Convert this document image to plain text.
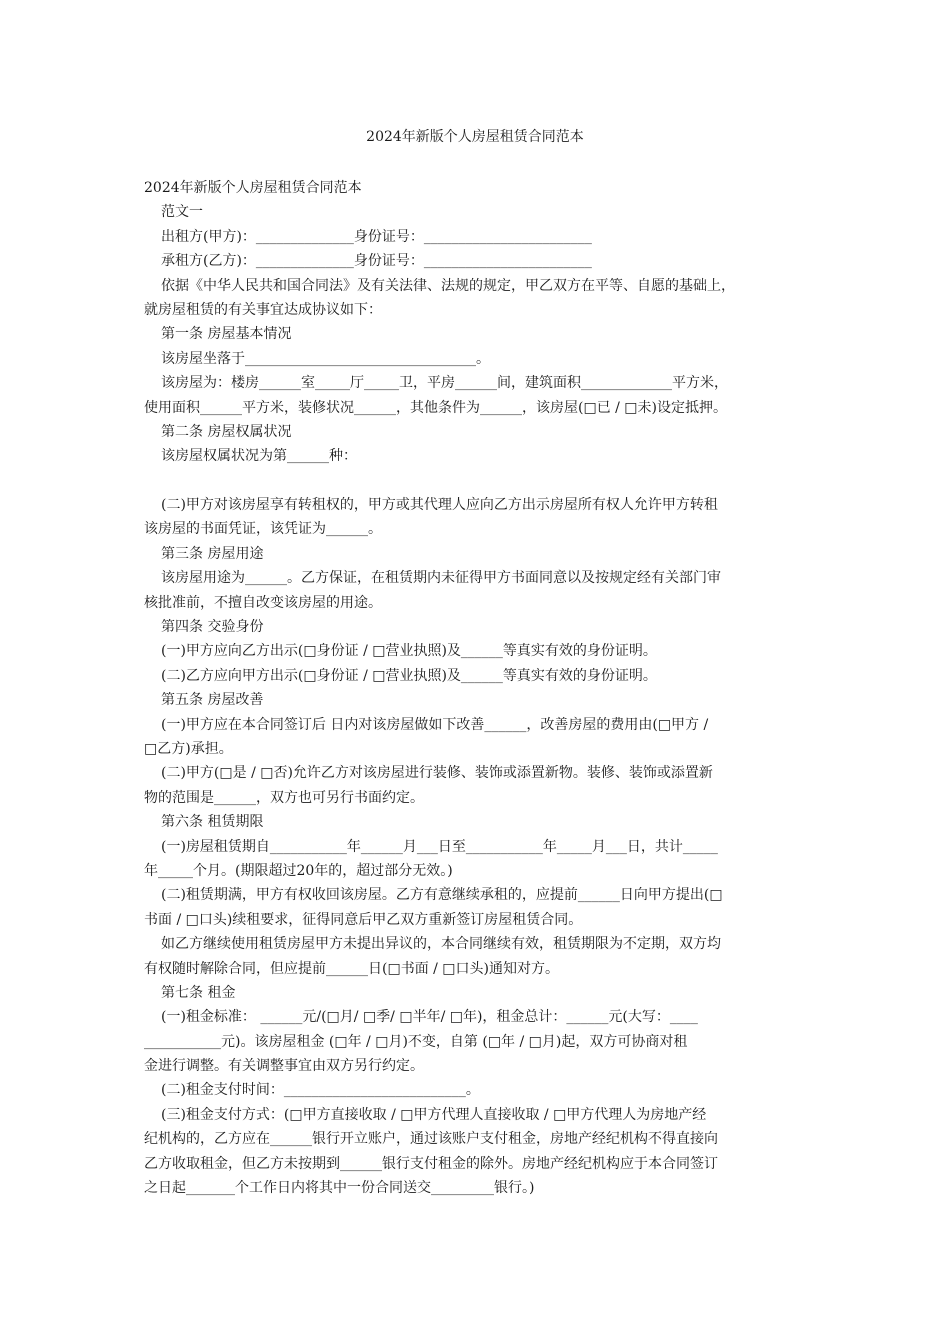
2024年新版个人房屋租赁合同范本
2024年新版个人房屋租赁合同范本
范文一
出租方(甲方)：______________身份证号：________________________
承租方(乙方)：______________身份证号：________________________
依据《中华人民共和国合同法》及有关法律、法规的规定，甲乙双方在平等、自愿的基础上，
就房屋租赁的有关事宜达成协议如下：
第一条 房屋基本情况
该房屋坐落于_________________________________。
该房屋为：楼房______室_____厅_____卫，平房______间，建筑面积_____________平方米，
使用面积______平方米，装修状况______，其他条件为______，该房屋(□已 / □未)设定抵押。
第二条 房屋权属状况
该房屋权属状况为第______种：
(二)甲方对该房屋享有转租权的，甲方或其代理人应向乙方出示房屋所有权人允许甲方转租
该房屋的书面凭证，该凭证为______。
第三条 房屋用途
该房屋用途为______。乙方保证，在租赁期内未征得甲方书面同意以及按规定经有关部门审
核批准前，不擅自改变该房屋的用途。
第四条 交验身份
(一)甲方应向乙方出示(□身份证 / □营业执照)及______等真实有效的身份证明。
(二)乙方应向甲方出示(□身份证 / □营业执照)及______等真实有效的身份证明。
第五条 房屋改善
(一)甲方应在本合同签订后 日内对该房屋做如下改善______，改善房屋的费用由(□甲方 /
□乙方)承担。
(二)甲方(□是 / □否)允许乙方对该房屋进行装修、装饰或添置新物。装修、装饰或添置新
物的范围是______，双方也可另行书面约定。
第六条 租赁期限
(一)房屋租赁期自___________年______月___日至___________年_____月___日，共计_____
年_____个月。(期限超过20年的，超过部分无效。)
(二)租赁期满，甲方有权收回该房屋。乙方有意继续承租的，应提前______日向甲方提出(□
书面 / □口头)续租要求，征得同意后甲乙双方重新签订房屋租赁合同。
如乙方继续使用租赁房屋甲方未提出异议的，本合同继续有效，租赁期限为不定期，双方均
有权随时解除合同，但应提前______日(□书面 / □口头)通知对方。
第七条 租金
(一)租金标准： ______元/(□月/ □季/ □半年/ □年)，租金总计：______元(大写：____
___________元)。该房屋租金 (□年 / □月)不变，自第 (□年 / □月)起，双方可协商对租
金进行调整。有关调整事宜由双方另行约定。
(二)租金支付时间：__________________________。
(三)租金支付方式：(□甲方直接收取 / □甲方代理人直接收取 / □甲方代理人为房地产经
纪机构的，乙方应在______银行开立账户，通过该账户支付租金，房地产经纪机构不得直接向
乙方收取租金，但乙方未按期到______银行支付租金的除外。房地产经纪机构应于本合同签订
之日起_______个工作日内将其中一份合同送交_________银行。)
